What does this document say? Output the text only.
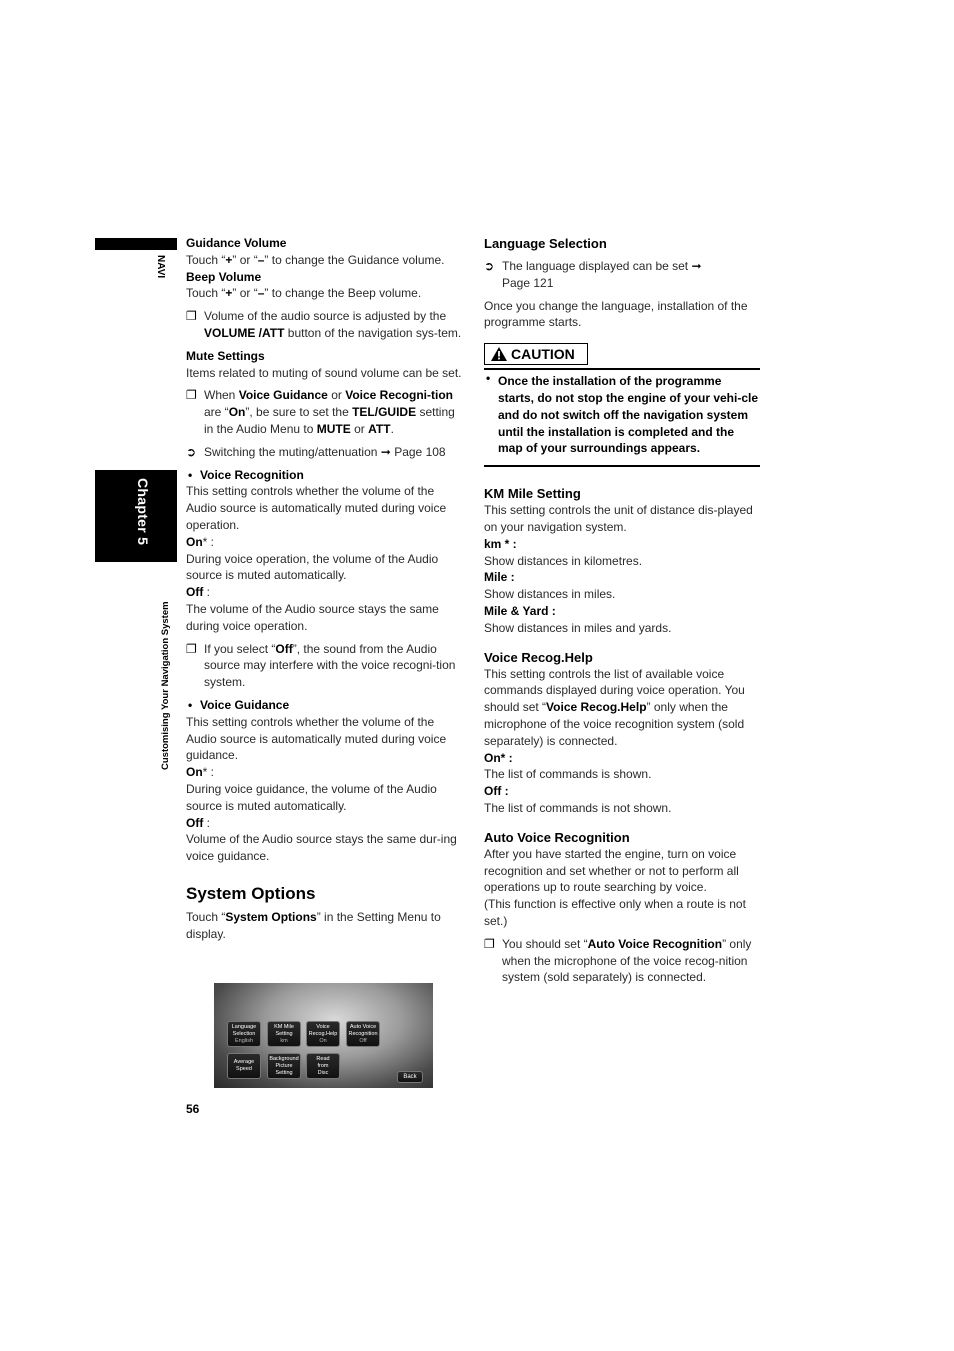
NAVI
Chapter 5
Customising Your Navigation System

Guidance Volume

Touch “+” or “–” to change the Guidance volume.

Beep Volume

Touch “+” or “–” to change the Beep volume.

❐ Volume of the audio source is adjusted by the VOLUME /ATT button of the navigation sys-tem.

Mute Settings

Items related to muting of sound volume can be set.

❐ When Voice Guidance or Voice Recogni-tion are “On”, be sure to set the TEL/GUIDE setting in the Audio Menu to MUTE or ATT.
➲ Switching the muting/attenuation ➞ Page 108
• Voice Recognition

This setting controls whether the volume of the Audio source is automatically muted during voice operation.

On* :

During voice operation, the volume of the Audio source is muted automatically.

Off :

The volume of the Audio source stays the same during voice operation.

❐ If you select “Off”, the sound from the Audio source may interfere with the voice recogni-tion system.
• Voice Guidance

This setting controls whether the volume of the Audio source is automatically muted during voice guidance.

On* :

During voice guidance, the volume of the Audio source is muted automatically.

Off :

Volume of the Audio source stays the same dur-ing voice guidance.

System Options

Touch “System Options” in the Setting Menu to display.

Language
Selection
English
KM Mile
Setting
km
Voice
Recog.Help
On
Auto Voice
Recognition
Off
Average
Speed
Background
Picture
Setting
Read
from
Disc
Back
56

Language Selection

➲ The language displayed can be set ➞
Page 121

Once you change the language, installation of the programme starts.

CAUTION
• Once the installation of the programme starts, do not stop the engine of your vehi-cle and do not switch off the navigation system until the installation is completed and the map of your surroundings appears.

KM Mile Setting

This setting controls the unit of distance dis-played on your navigation system.

km * :

Show distances in kilometres.

Mile :

Show distances in miles.

Mile & Yard :

Show distances in miles and yards.

Voice Recog.Help

This setting controls the list of available voice commands displayed during voice operation. You should set “Voice Recog.Help” only when the microphone of the voice recognition system (sold separately) is connected.

On* :

The list of commands is shown.

Off :

The list of commands is not shown.

Auto Voice Recognition

After you have started the engine, turn on voice recognition and set whether or not to perform all operations up to route searching by voice.

(This function is effective only when a route is not set.)

❐ You should set “Auto Voice Recognition” only when the microphone of the voice recog-nition system (sold separately) is connected.
